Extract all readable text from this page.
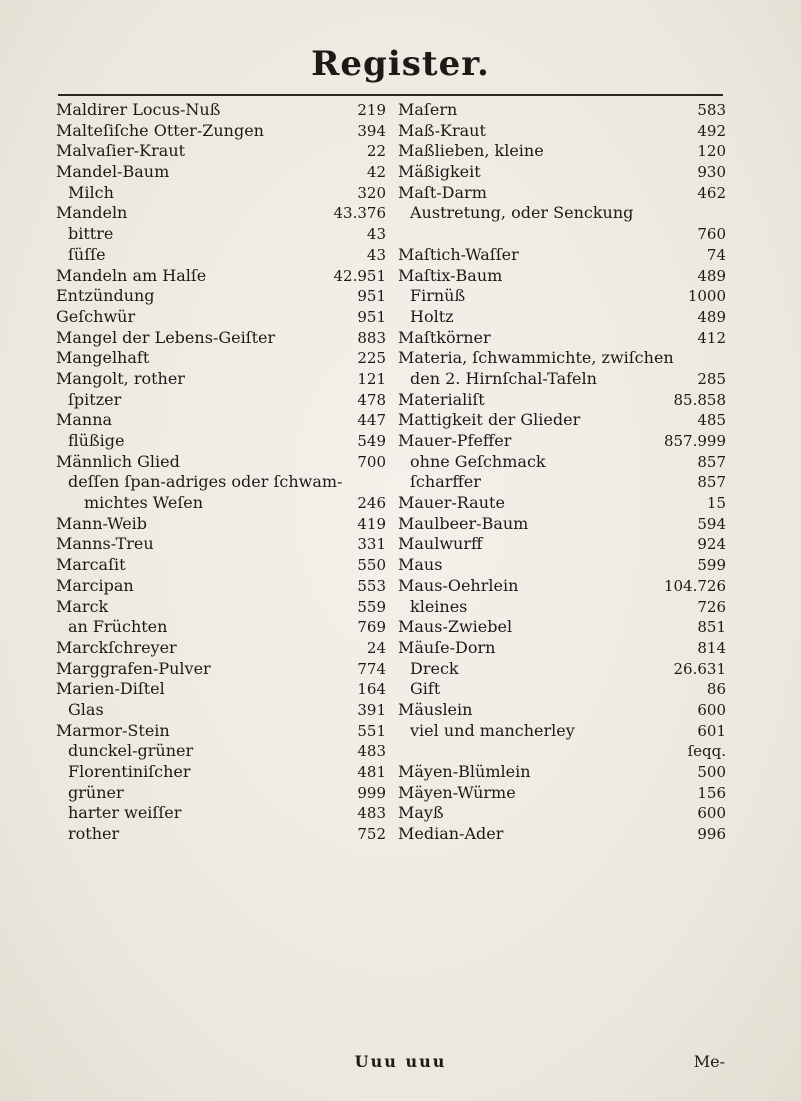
Register.
Maldirer Locus-Nuß	219
Malteſiſche Otter-Zungen	394
Malvaſier-Kraut	22
Mandel-Baum	42
Milch	320
Mandeln	43.376
bittre	43
ſüſſe	43
Mandeln am Halſe	42.951
Entzündung	951
Geſchwür	951
Mangel der Lebens-Geiſter	883
Mangelhaft	225
Mangolt, rother	121
ſpitzer	478
Manna	447
flüßige	549
Männlich Glied	700
deſſen ſpan-adriges oder ſchwam-
michtes Weſen	246
Mann-Weib	419
Manns-Treu	331
Marcaſit	550
Marcipan	553
Marck	559
an Früchten	769
Marckſchreyer	24
Marggrafen-Pulver	774
Marien-Diſtel	164
Glas	391
Marmor-Stein	551
dunckel-grüner	483
Florentiniſcher	481
grüner	999
harter weiſſer	483
rother	752
Maſern	583
Maß-Kraut	492
Maßlieben, kleine	120
Mäßigkeit	930
Maſt-Darm	462
Austretung, oder Senckung
760
Maſtich-Waſſer	74
Maſtix-Baum	489
Firnüß	1000
Holtz	489
Maſtkörner	412
Materia, ſchwammichte, zwiſchen
den 2. Hirnſchal-Tafeln	285
Materialiſt	85.858
Mattigkeit der Glieder	485
Mauer-Pfeffer	857.999
ohne Geſchmack	857
ſcharffer	857
Mauer-Raute	15
Maulbeer-Baum	594
Maulwurff	924
Maus	599
Maus-Oehrlein	104.726
kleines	726
Maus-Zwiebel	851
Mäuſe-Dorn	814
Dreck	26.631
Gift	86
Mäuslein	600
viel und mancherley	601
ſeqq.
Mäyen-Blümlein	500
Mäyen-Würme	156
Mayß	600
Median-Ader	996
Uuu uuu	Me-
